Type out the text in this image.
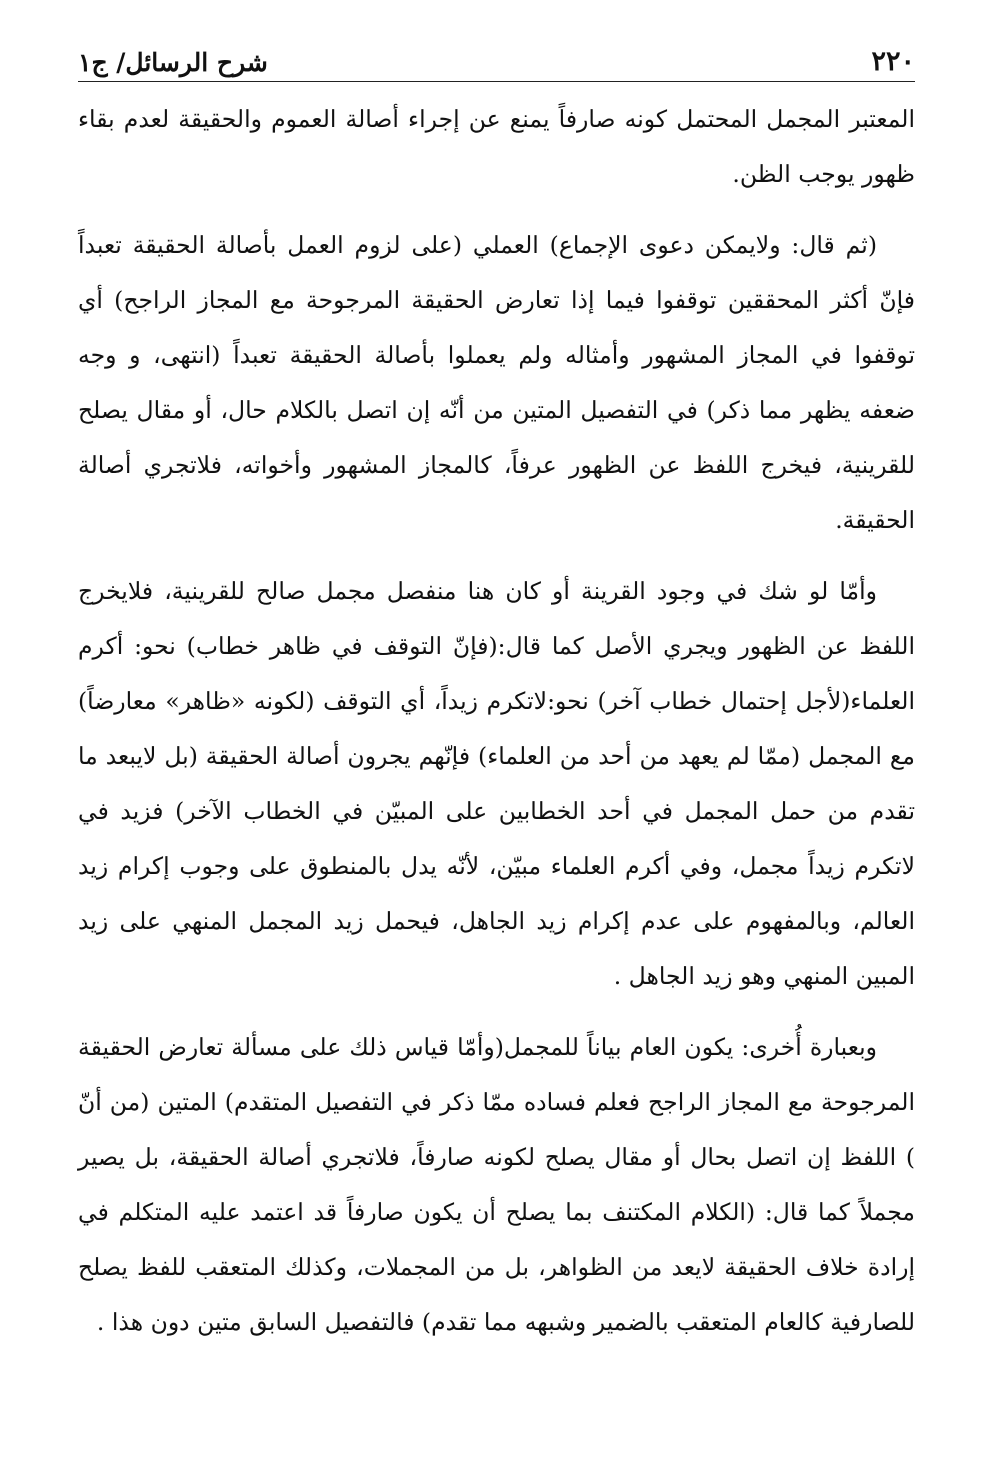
٢٢٠
شرح الرسائل/ ج١

المعتبر المجمل المحتمل كونه صارفاً يمنع عن إجراء أصالة العموم والحقيقة لعدم بقاء ظهور يوجب الظن.

(ثم قال: ولايمكن دعوى الإجماع) العملي (على لزوم العمل بأصالة الحقيقة تعبداً فإنّ أكثر المحققين توقفوا فيما إذا تعارض الحقيقة المرجوحة مع المجاز الراجح) أي توقفوا في المجاز المشهور وأمثاله ولم يعملوا بأصالة الحقيقة تعبداً (انتهى، و وجه ضعفه يظهر مما ذكر) في التفصيل المتين من أنّه إن اتصل بالكلام حال، أو مقال يصلح للقرينية، فيخرج اللفظ عن الظهور عرفاً، كالمجاز المشهور وأخواته، فلاتجري أصالة الحقيقة.

وأمّا لو شك في وجود القرينة أو كان هنا منفصل مجمل صالح للقرينية، فلايخرج اللفظ عن الظهور ويجري الأصل كما قال:(فإنّ التوقف في ظاهر خطاب) نحو: أكرم العلماء(لأجل إحتمال خطاب آخر) نحو:لاتكرم زيداً، أي التوقف (لكونه «ظاهر» معارضاً) مع المجمل (ممّا لم يعهد من أحد من العلماء) فإنّهم يجرون أصالة الحقيقة (بل لايبعد ما تقدم من حمل المجمل في أحد الخطابين على المبيّن في الخطاب الآخر) فزيد في لاتكرم زيداً مجمل، وفي أكرم العلماء مبيّن، لأنّه يدل بالمنطوق على وجوب إكرام زيد العالم، وبالمفهوم على عدم إكرام زيد الجاهل، فيحمل زيد المجمل المنهي على زيد المبين المنهي وهو زيد الجاهل .

وبعبارة أُخرى: يكون العام بياناً للمجمل(وأمّا قياس ذلك على مسألة تعارض الحقيقة المرجوحة مع المجاز الراجح فعلم فساده ممّا ذكر في التفصيل المتقدم) المتين (من أنّ ) اللفظ إن اتصل بحال أو مقال يصلح لكونه صارفاً، فلاتجري أصالة الحقيقة، بل يصير مجملاً كما قال: (الكلام المكتنف بما يصلح أن يكون صارفاً قد اعتمد عليه المتكلم في إرادة خلاف الحقيقة لايعد من الظواهر، بل من المجملات، وكذلك المتعقب للفظ يصلح للصارفية كالعام المتعقب بالضمير وشبهه مما تقدم) فالتفصيل السابق متين دون هذا .
